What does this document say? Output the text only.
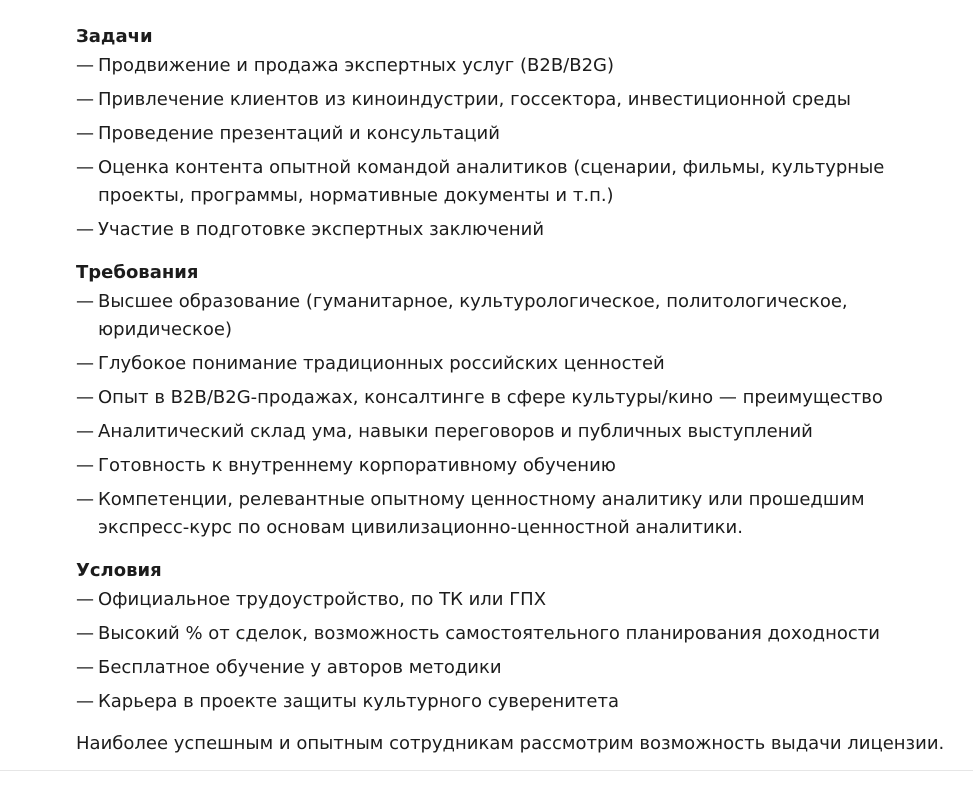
Задачи
— Продвижение и продажа экспертных услуг (B2B/B2G)
— Привлечение клиентов из киноиндустрии, госсектора, инвестиционной среды
— Проведение презентаций и консультаций
— Оценка контента опытной командой аналитиков (сценарии, фильмы, культурные проекты, программы, нормативные документы и т.п.)
— Участие в подготовке экспертных заключений
Требования
— Высшее образование (гуманитарное, культурологическое, политологическое, юридическое)
— Глубокое понимание традиционных российских ценностей
— Опыт в B2B/B2G-продажах, консалтинге в сфере культуры/кино — преимущество
— Аналитический склад ума, навыки переговоров и публичных выступлений
— Готовность к внутреннему корпоративному обучению
— Компетенции, релевантные опытному ценностному аналитику или прошедшим экспресс-курс по основам цивилизационно-ценностной аналитики.
Условия
— Официальное трудоустройство, по ТК или ГПХ
— Высокий % от сделок, возможность самостоятельного планирования доходности
— Бесплатное обучение у авторов методики
— Карьера в проекте защиты культурного суверенитета

Наиболее успешным и опытным сотрудникам рассмотрим возможность выдачи лицензии.
